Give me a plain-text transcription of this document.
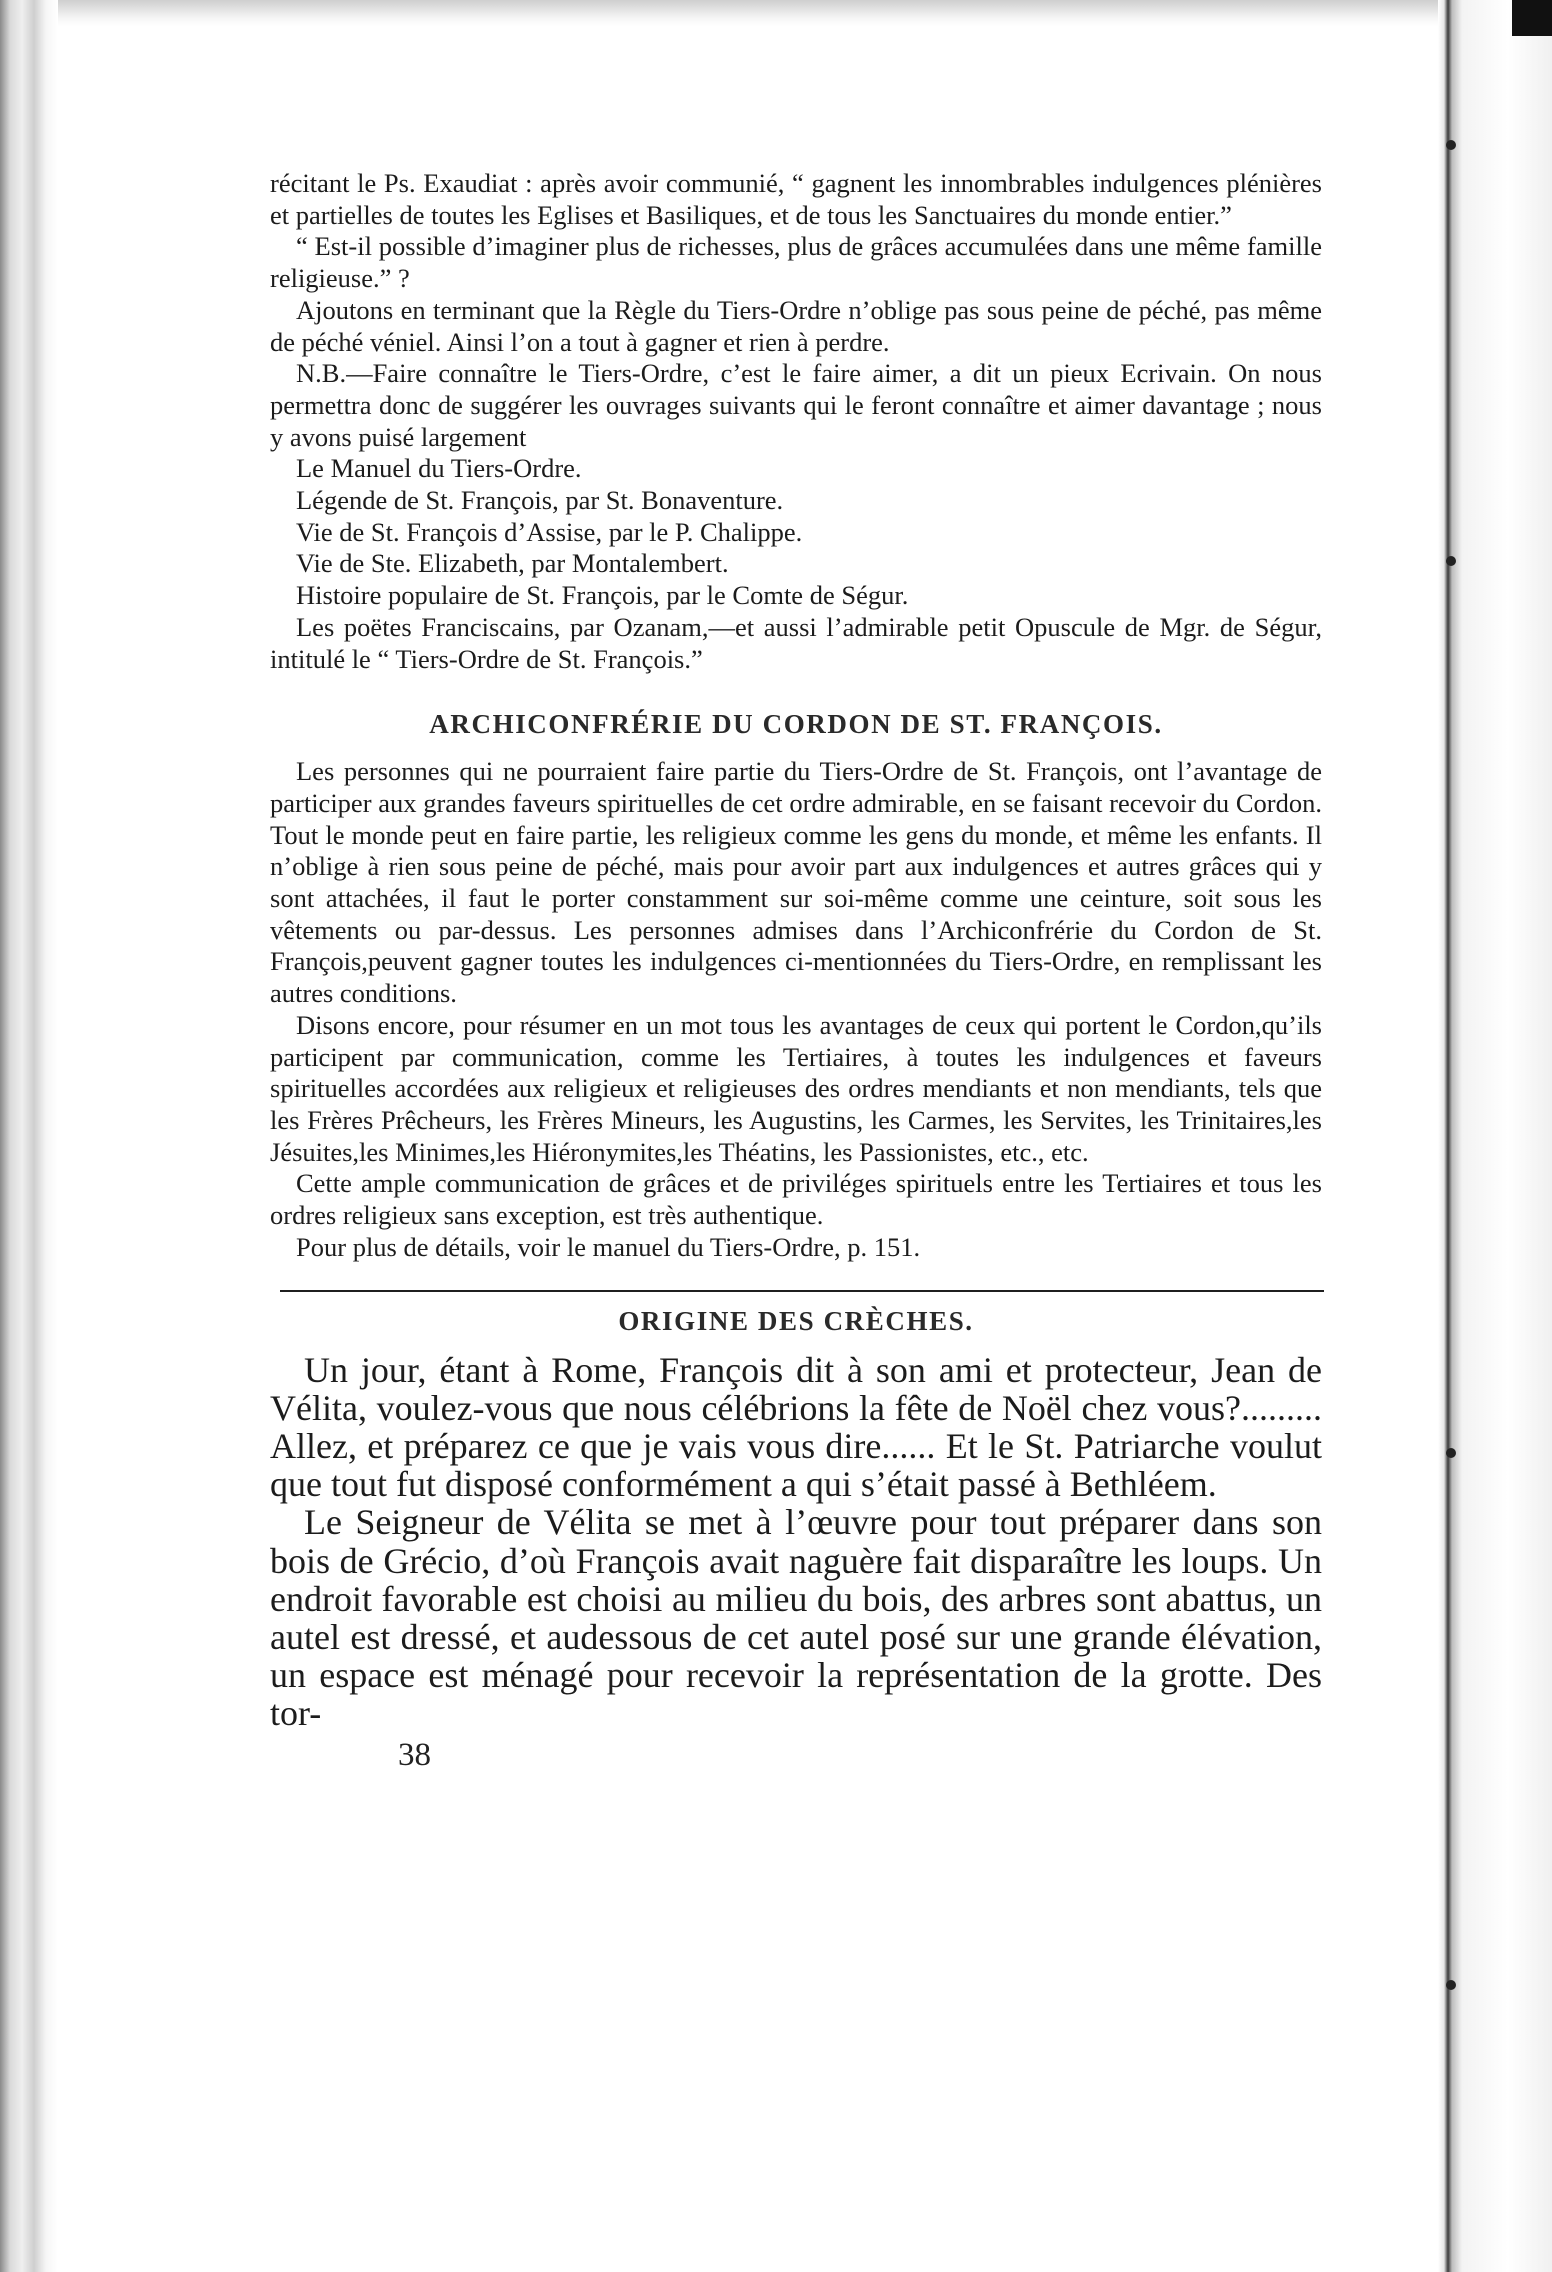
récitant le Ps. Exaudiat : après avoir communié, “ gagnent les innombrables indulgences plénières et partielles de toutes les Eglises et Basiliques, et de tous les Sanctuaires du monde entier.”

“ Est-il possible d’imaginer plus de richesses, plus de grâces accumulées dans une même famille religieuse.” ?

Ajoutons en terminant que la Règle du Tiers-Ordre n’oblige pas sous peine de péché, pas même de péché véniel. Ainsi l’on a tout à gagner et rien à perdre.

N.B.—Faire connaître le Tiers-Ordre, c’est le faire aimer, a dit un pieux Ecrivain. On nous permettra donc de suggérer les ouvrages suivants qui le feront connaître et aimer davantage ; nous y avons puisé largement

Le Manuel du Tiers-Ordre.

Légende de St. François, par St. Bonaventure.

Vie de St. François d’Assise, par le P. Chalippe.

Vie de Ste. Elizabeth, par Montalembert.

Histoire populaire de St. François, par le Comte de Ségur.

Les poëtes Franciscains, par Ozanam,—et aussi l’admirable petit Opuscule de Mgr. de Ségur, intitulé le “ Tiers-Ordre de St. François.”

ARCHICONFRÉRIE DU CORDON DE ST. FRANÇOIS.

Les personnes qui ne pourraient faire partie du Tiers-Ordre de St. François, ont l’avantage de participer aux grandes faveurs spirituelles de cet ordre admirable, en se faisant recevoir du Cordon. Tout le monde peut en faire partie, les religieux comme les gens du monde, et même les enfants. Il n’oblige à rien sous peine de péché, mais pour avoir part aux indulgences et autres grâces qui y sont attachées, il faut le porter constamment sur soi-même comme une ceinture, soit sous les vêtements ou par-dessus. Les personnes admises dans l’Archiconfrérie du Cordon de St. François,peuvent gagner toutes les indulgences ci-mentionnées du Tiers-Ordre, en remplissant les autres conditions.

Disons encore, pour résumer en un mot tous les avantages de ceux qui portent le Cordon,qu’ils participent par communication, comme les Tertiaires, à toutes les indulgences et faveurs spirituelles accordées aux religieux et religieuses des ordres mendiants et non mendiants, tels que les Frères Prêcheurs, les Frères Mineurs, les Augustins, les Carmes, les Servites, les Trinitaires,les Jésuites,les Minimes,les Hiéronymites,les Théatins, les Passionistes, etc., etc.

Cette ample communication de grâces et de priviléges spirituels entre les Tertiaires et tous les ordres religieux sans exception, est très authentique.

Pour plus de détails, voir le manuel du Tiers-Ordre, p. 151.

ORIGINE DES CRÈCHES.

Un jour, étant à Rome, François dit à son ami et protecteur, Jean de Vélita, voulez-vous que nous célébrions la fête de Noël chez vous?......... Allez, et préparez ce que je vais vous dire...... Et le St. Patriarche voulut que tout fut disposé conformément a qui s’était passé à Bethléem.

Le Seigneur de Vélita se met à l’œuvre pour tout préparer dans son bois de Grécio, d’où François avait naguère fait disparaître les loups. Un endroit favorable est choisi au milieu du bois, des arbres sont abattus, un autel est dressé, et audessous de cet autel posé sur une grande élévation, un espace est ménagé pour recevoir la représentation de la grotte. Des tor-

38
